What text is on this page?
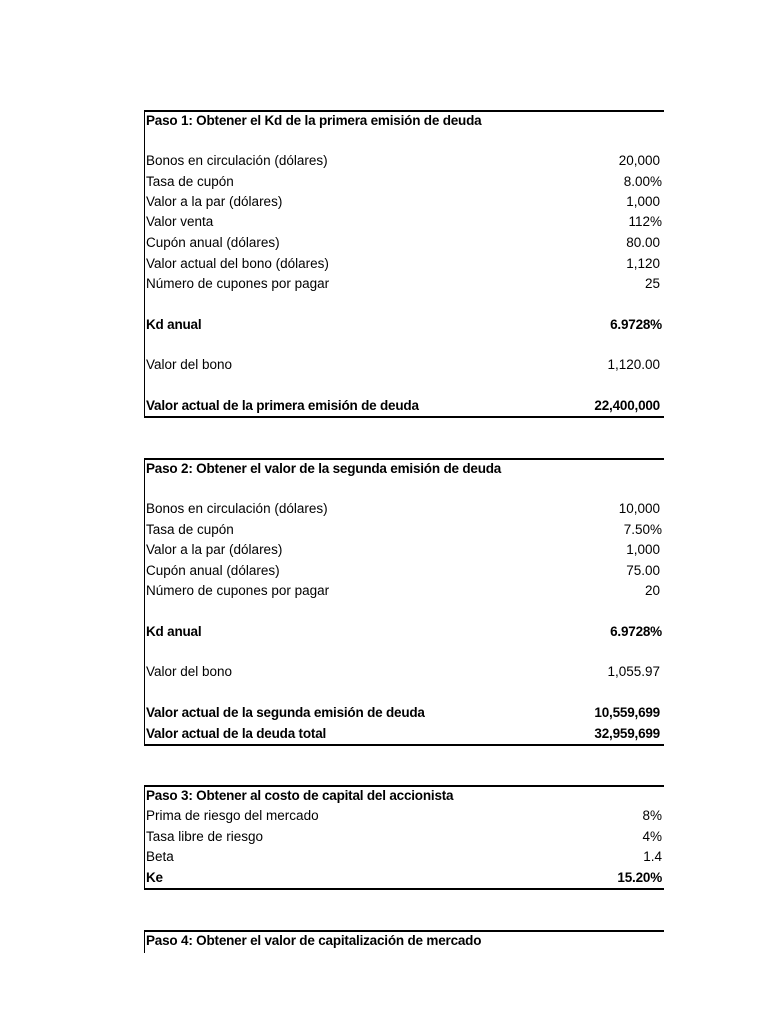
Paso 1: Obtener el Kd de la primera emisión de deuda
Bonos en circulación (dólares)	20,000
Tasa de cupón	8.00%
Valor a la par (dólares)	1,000
Valor venta	112%
Cupón anual (dólares)	80.00
Valor actual del bono (dólares)	1,120
Número de cupones por pagar	25
Kd anual	6.9728%
Valor del bono	1,120.00
Valor actual de la primera emisión de deuda	22,400,000
Paso 2: Obtener el valor de la segunda emisión de deuda
Bonos en circulación (dólares)	10,000
Tasa de cupón	7.50%
Valor a la par (dólares)	1,000
Cupón anual (dólares)	75.00
Número de cupones por pagar	20
Kd anual	6.9728%
Valor del bono	1,055.97
Valor actual de la segunda emisión de deuda	10,559,699
Valor actual de la deuda total	32,959,699
Paso 3: Obtener al costo de capital del accionista
Prima de riesgo del mercado	8%
Tasa libre de riesgo	4%
Beta	1.4
Ke	15.20%
Paso 4: Obtener el valor de capitalización de mercado
